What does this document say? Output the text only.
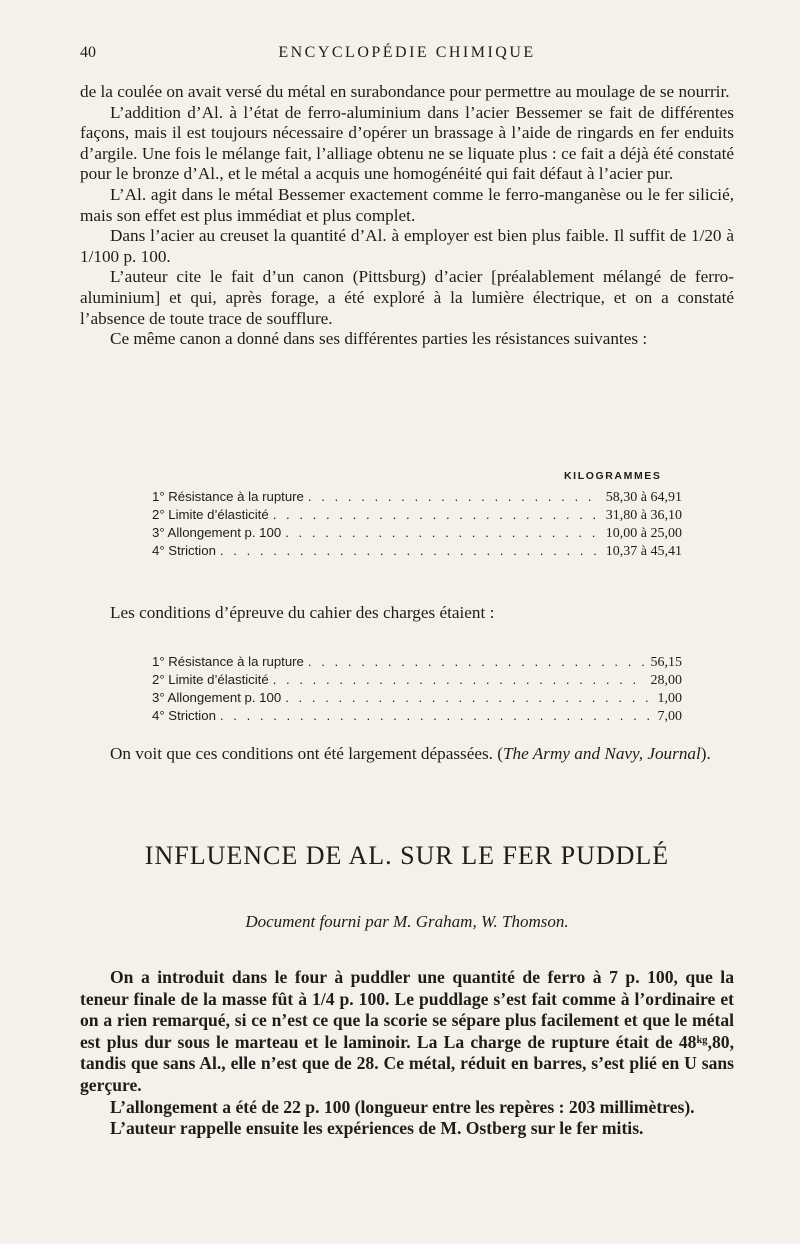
40	ENCYCLOPÉDIE CHIMIQUE

de la coulée on avait versé du métal en surabondance pour permettre au moulage de se nourrir.

L’addition d’Al. à l’état de ferro-aluminium dans l’acier Bessemer se fait de différentes façons, mais il est toujours nécessaire d’opérer un brassage à l’aide de ringards en fer enduits d’argile. Une fois le mélange fait, l’alliage obtenu ne se liquate plus : ce fait a déjà été constaté pour le bronze d’Al., et le métal a acquis une homogénéité qui fait défaut à l’acier pur.

L’Al. agit dans le métal Bessemer exactement comme le ferro-manganèse ou le fer silicié, mais son effet est plus immédiat et plus complet.

Dans l’acier au creuset la quantité d’Al. à employer est bien plus faible. Il suffit de 1/20 à 1/100 p. 100.

L’auteur cite le fait d’un canon (Pittsburg) d’acier [préalablement mélangé de ferro-aluminium] et qui, après forage, a été exploré à la lumière électrique, et on a constaté l’absence de toute trace de soufflure.

Ce même canon a donné dans ses différentes parties les résistances suivantes :

KILOGRAMMES
1° Résistance à la rupture . . .	58,30 à 64,91
2° Limite d’élasticité . . .	31,80 à 36,10
3° Allongement p. 100 . . .	10,00 à 25,00
4° Striction . . .	10,37 à 45,41

Les conditions d’épreuve du cahier des charges étaient :

1° Résistance à la rupture . . .	56,15
2° Limite d’élasticité . . .	28,00
3° Allongement p. 100 . . .	1,00
4° Striction . . .	7,00

On voit que ces conditions ont été largement dépassées. (The Army and Navy, Journal).

INFLUENCE DE AL. SUR LE FER PUDDLÉ
Document fourni par M. Graham, W. Thomson.

On a introduit dans le four à puddler une quantité de ferro à 7 p. 100, que la teneur finale de la masse fût à 1/4 p. 100. Le puddlage s’est fait comme à l’ordinaire et on a rien remarqué, si ce n’est ce que la scorie se sépare plus facilement et que le métal est plus dur sous le marteau et le laminoir. La La charge de rupture était de 48ᵏᵍ,80, tandis que sans Al., elle n’est que de 28. Ce métal, réduit en barres, s’est plié en U sans gerçure.

L’allongement a été de 22 p. 100 (longueur entre les repères : 203 millimètres).

L’auteur rappelle ensuite les expériences de M. Ostberg sur le fer mitis.
